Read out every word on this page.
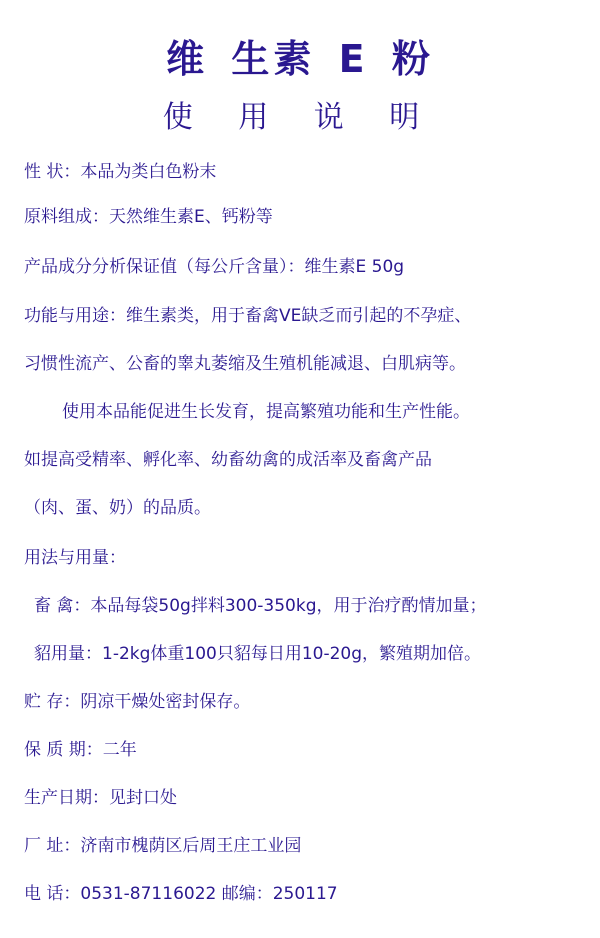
维 生素 E 粉
使 用 说 明
性 状：本品为类白色粉末
原料组成：天然维生素E、钙粉等
产品成分分析保证值（每公斤含量）：维生素E 50g
功能与用途：维生素类，用于畜禽VE缺乏而引起的不孕症、
习惯性流产、公畜的睾丸萎缩及生殖机能减退、白肌病等。
使用本品能促进生长发育，提高繁殖功能和生产性能。
如提高受精率、孵化率、幼畜幼禽的成活率及畜禽产品
（肉、蛋、奶）的品质。
用法与用量：
畜 禽：本品每袋50g拌料300-350kg，用于治疗酌情加量；
貂用量：1-2kg体重100只貂每日用10-20g，繁殖期加倍。
贮 存：阴凉干燥处密封保存。
保 质 期：二年
生产日期：见封口处
厂 址：济南市槐荫区后周王庄工业园
电 话：0531-87116022 邮编：250117
